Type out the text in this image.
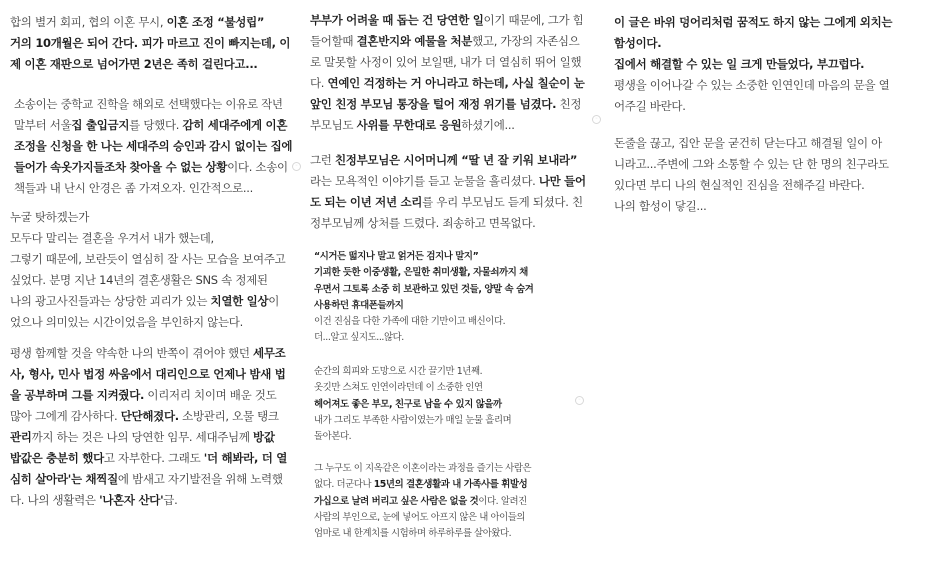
합의 별거 회피, 협의 이혼 무시, 이혼 조정 “불성립”
거의 10개월은 되어 간다. 피가 마르고 진이 빠지는데, 이
제 이혼 재판으로 넘어가면 2년은 족히 걸린다고...
소송이는 중학교 진학을 해외로 선택했다는 이유로 작년
말부터 서울집 출입금지를 당했다. 감히 세대주에게 이혼
조정을 신청을 한 나는 세대주의 승인과 감시 없이는 집에
들어가 속옷가지들조차 찾아올 수 없는 상황이다. 소송이
책들과 내 난시 안경은 좀 가져오자. 인간적으로...
누굴 탓하겠는가
모두다 말리는 결혼을 우겨서 내가 했는데,
그렇기 때문에, 보란듯이 열심히 잘 사는 모습을 보여주고
싶었다. 분명 지난 14년의 결혼생활은 SNS 속 정제된
나의 광고사진들과는 상당한 괴리가 있는 치열한 일상이
었으나 의미있는 시간이었음을 부인하지 않는다.
평생 함께할 것을 약속한 나의 반쪽이 겪어야 했던 세무조
사, 형사, 민사 법정 싸움에서 대리인으로 언제나 밤새 법
을 공부하며 그를 지켜줬다. 이리저리 치이며 배운 것도
많아 그에게 감사하다. 단단해졌다. 소방관리, 오물 탱크
관리까지 하는 것은 나의 당연한 임무. 세대주님께 방값
밥값은 충분히 했다고 자부한다. 그래도 '더 해봐라, 더 열
심히 살아라'는 채찍질에 밤새고 자기발전을 위해 노력했
다. 나의 생활력은 '나혼자 산다'급.
부부가 어려울 때 돕는 건 당연한 일이기 때문에, 그가 힘
들어할때 결혼반지와 예물을 처분했고, 가장의 자존심으
로 말못할 사정이 있어 보일땐, 내가 더 열심히 뛰어 일했
다. 연예인 걱정하는 거 아니라고 하는데, 사실 칠순이 눈
앞인 친정 부모님 통장을 털어 재정 위기를 넘겼다. 친정
부모님도 사위를 무한대로 응원하셨기에...
그런 친정부모님은 시어머니께 “딸 년 잘 키워 보내라”
라는 모욕적인 이야기를 듣고 눈물을 흘리셨다. 나만 들어
도 되는 이년 저년 소리를 우리 부모님도 듣게 되셨다. 친
정부모님께 상처를 드렸다. 죄송하고 면목없다.
“시거든 떫지나 말고 얽거든 검지나 말지”
기괴한 듯한 이중생활, 은밀한 취미생활, 자물쇠까지 채
우면서 그토록 소중 히 보관하고 있던 것들, 양말 속 숨겨
사용하던 휴대폰들까지
이건 진심을 다한 가족에 대한 기만이고 배신이다.
더...알고 싶지도...않다.
순간의 희피와 도망으로 시간 끌기만 1년째.
옷깃만 스쳐도 인연이라던데 이 소중한 인연
헤어져도 좋은 부모, 친구로 남을 수 있지 않을까
내가 그리도 부족한 사람이였는가 매일 눈물 흘리며
돌아본다.
그 누구도 이 지옥같은 이혼이라는 과정을 즐기는 사람은
없다. 더군다나 15년의 결혼생활과 내 가족사를 휘발성
가십으로 날려 버리고 싶은 사람은 없을 것이다. 알려진
사람의 부인으로, 눈에 넣어도 아프지 않은 내 아이들의
엄마로 내 한계치를 시험하며 하루하루를 살아왔다.
◦
◦
◦
이 글은 바위 덩어리처럼 꿈적도 하지 않는 그에게 외치는
함성이다.
집에서 해결할 수 있는 일 크게 만들었다, 부끄럽다.
평생을 이어나갈 수 있는 소중한 인연인데 마음의 문을 열
어주길 바란다.
돈줄을 끊고, 집안 문을 굳건히 닫는다고 해결될 일이 아
니라고...주변에 그와 소통할 수 있는 단 한 명의 친구라도
있다면 부디 나의 현실적인 진심을 전해주길 바란다.
나의 함성이 닿길...
